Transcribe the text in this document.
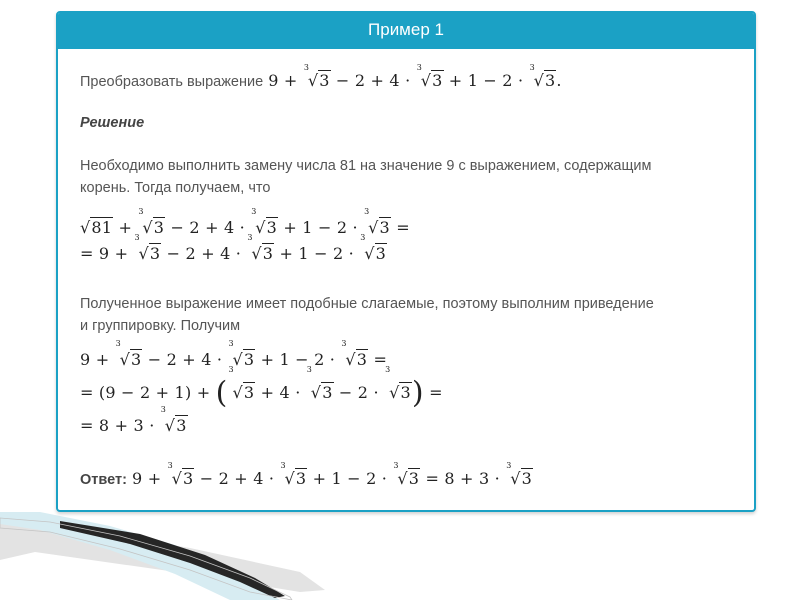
Пример 1
Преобразовать выражение 9 +
3
√3 − 2 + 4 ·
3
√3 + 1 − 2 ·
3
√3.
Решение
Необходимо выполнить замену числа 81 на значение 9 с выражением, содержащим
корень. Тогда получаем, что
√81 +
3
√3 − 2 + 4 ·
3
√3 + 1 − 2 ·
3
√3 =
= 9 +
3
√3 − 2 + 4 ·
3
√3 + 1 − 2 ·
3
√3
Полученное выражение имеет подобные слагаемые, поэтому выполним приведение
и группировку. Получим
9 +
3
√3 − 2 + 4 ·
3
√3 + 1 − 2 ·
3
√3 =
= (9 − 2 + 1) + (
3
√3 + 4 ·
3
√3 − 2 ·
3
√3) =
= 8 + 3 ·
3
√3
Ответ: 9 +
3
√3 − 2 + 4 ·
3
√3 + 1 − 2 ·
3
√3 = 8 + 3 ·
3
√3
